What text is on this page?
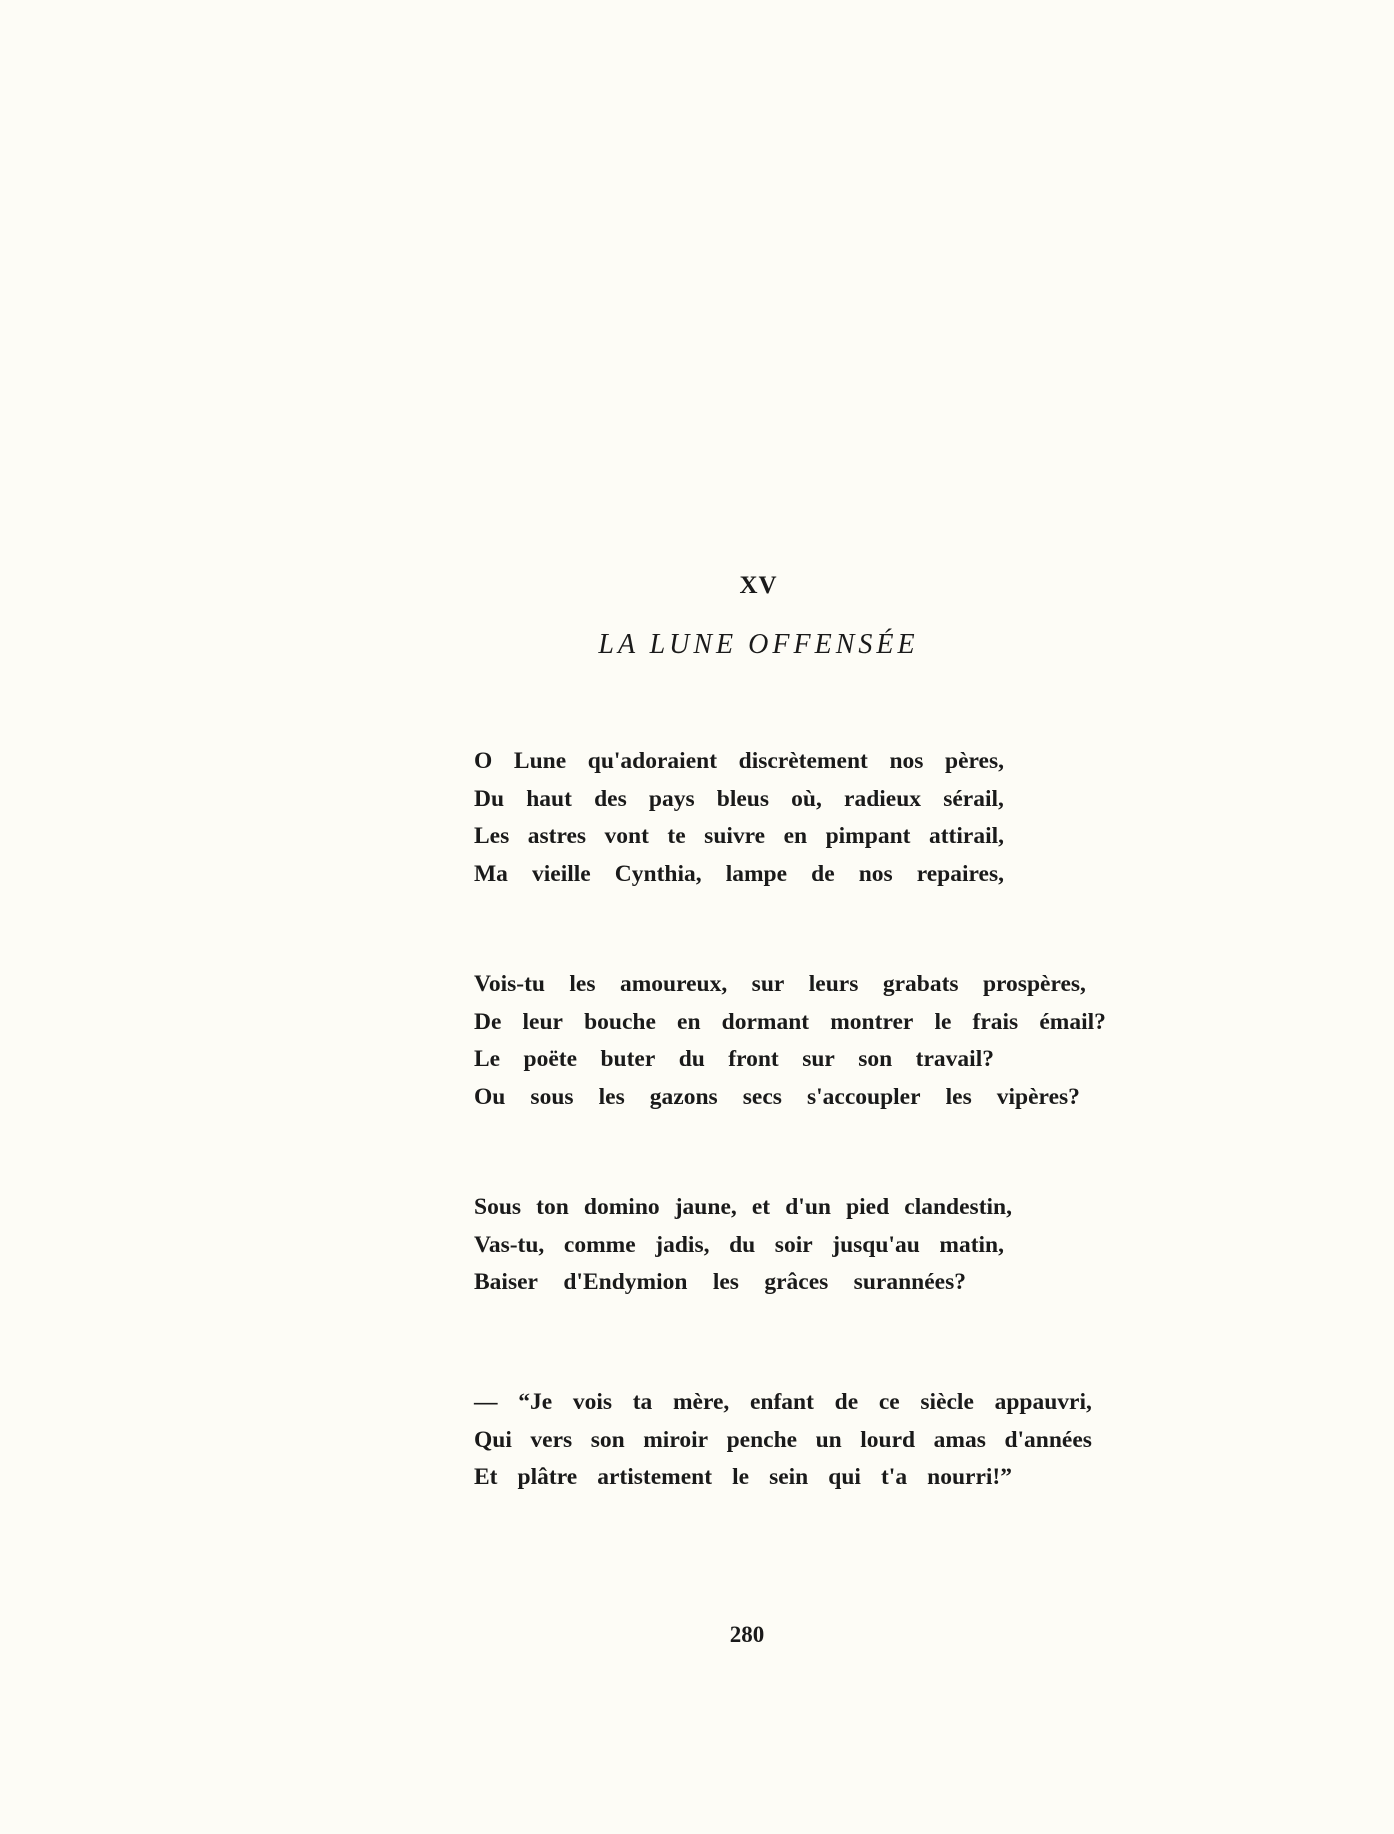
XV
LA LUNE OFFENSÉE
O Lune qu'adoraient discrètement nos pères,
Du haut des pays bleus où, radieux sérail,
Les astres vont te suivre en pimpant attirail,
Ma vieille Cynthia, lampe de nos repaires,
Vois-tu les amoureux, sur leurs grabats prospères,
De leur bouche en dormant montrer le frais émail?
Le poëte buter du front sur son travail?
Ou sous les gazons secs s'accoupler les vipères?
Sous ton domino jaune, et d'un pied clandestin,
Vas-tu, comme jadis, du soir jusqu'au matin,
Baiser d'Endymion les grâces surannées?
— “Je vois ta mère, enfant de ce siècle appauvri,
Qui vers son miroir penche un lourd amas d'années
Et plâtre artistement le sein qui t'a nourri!”
280
